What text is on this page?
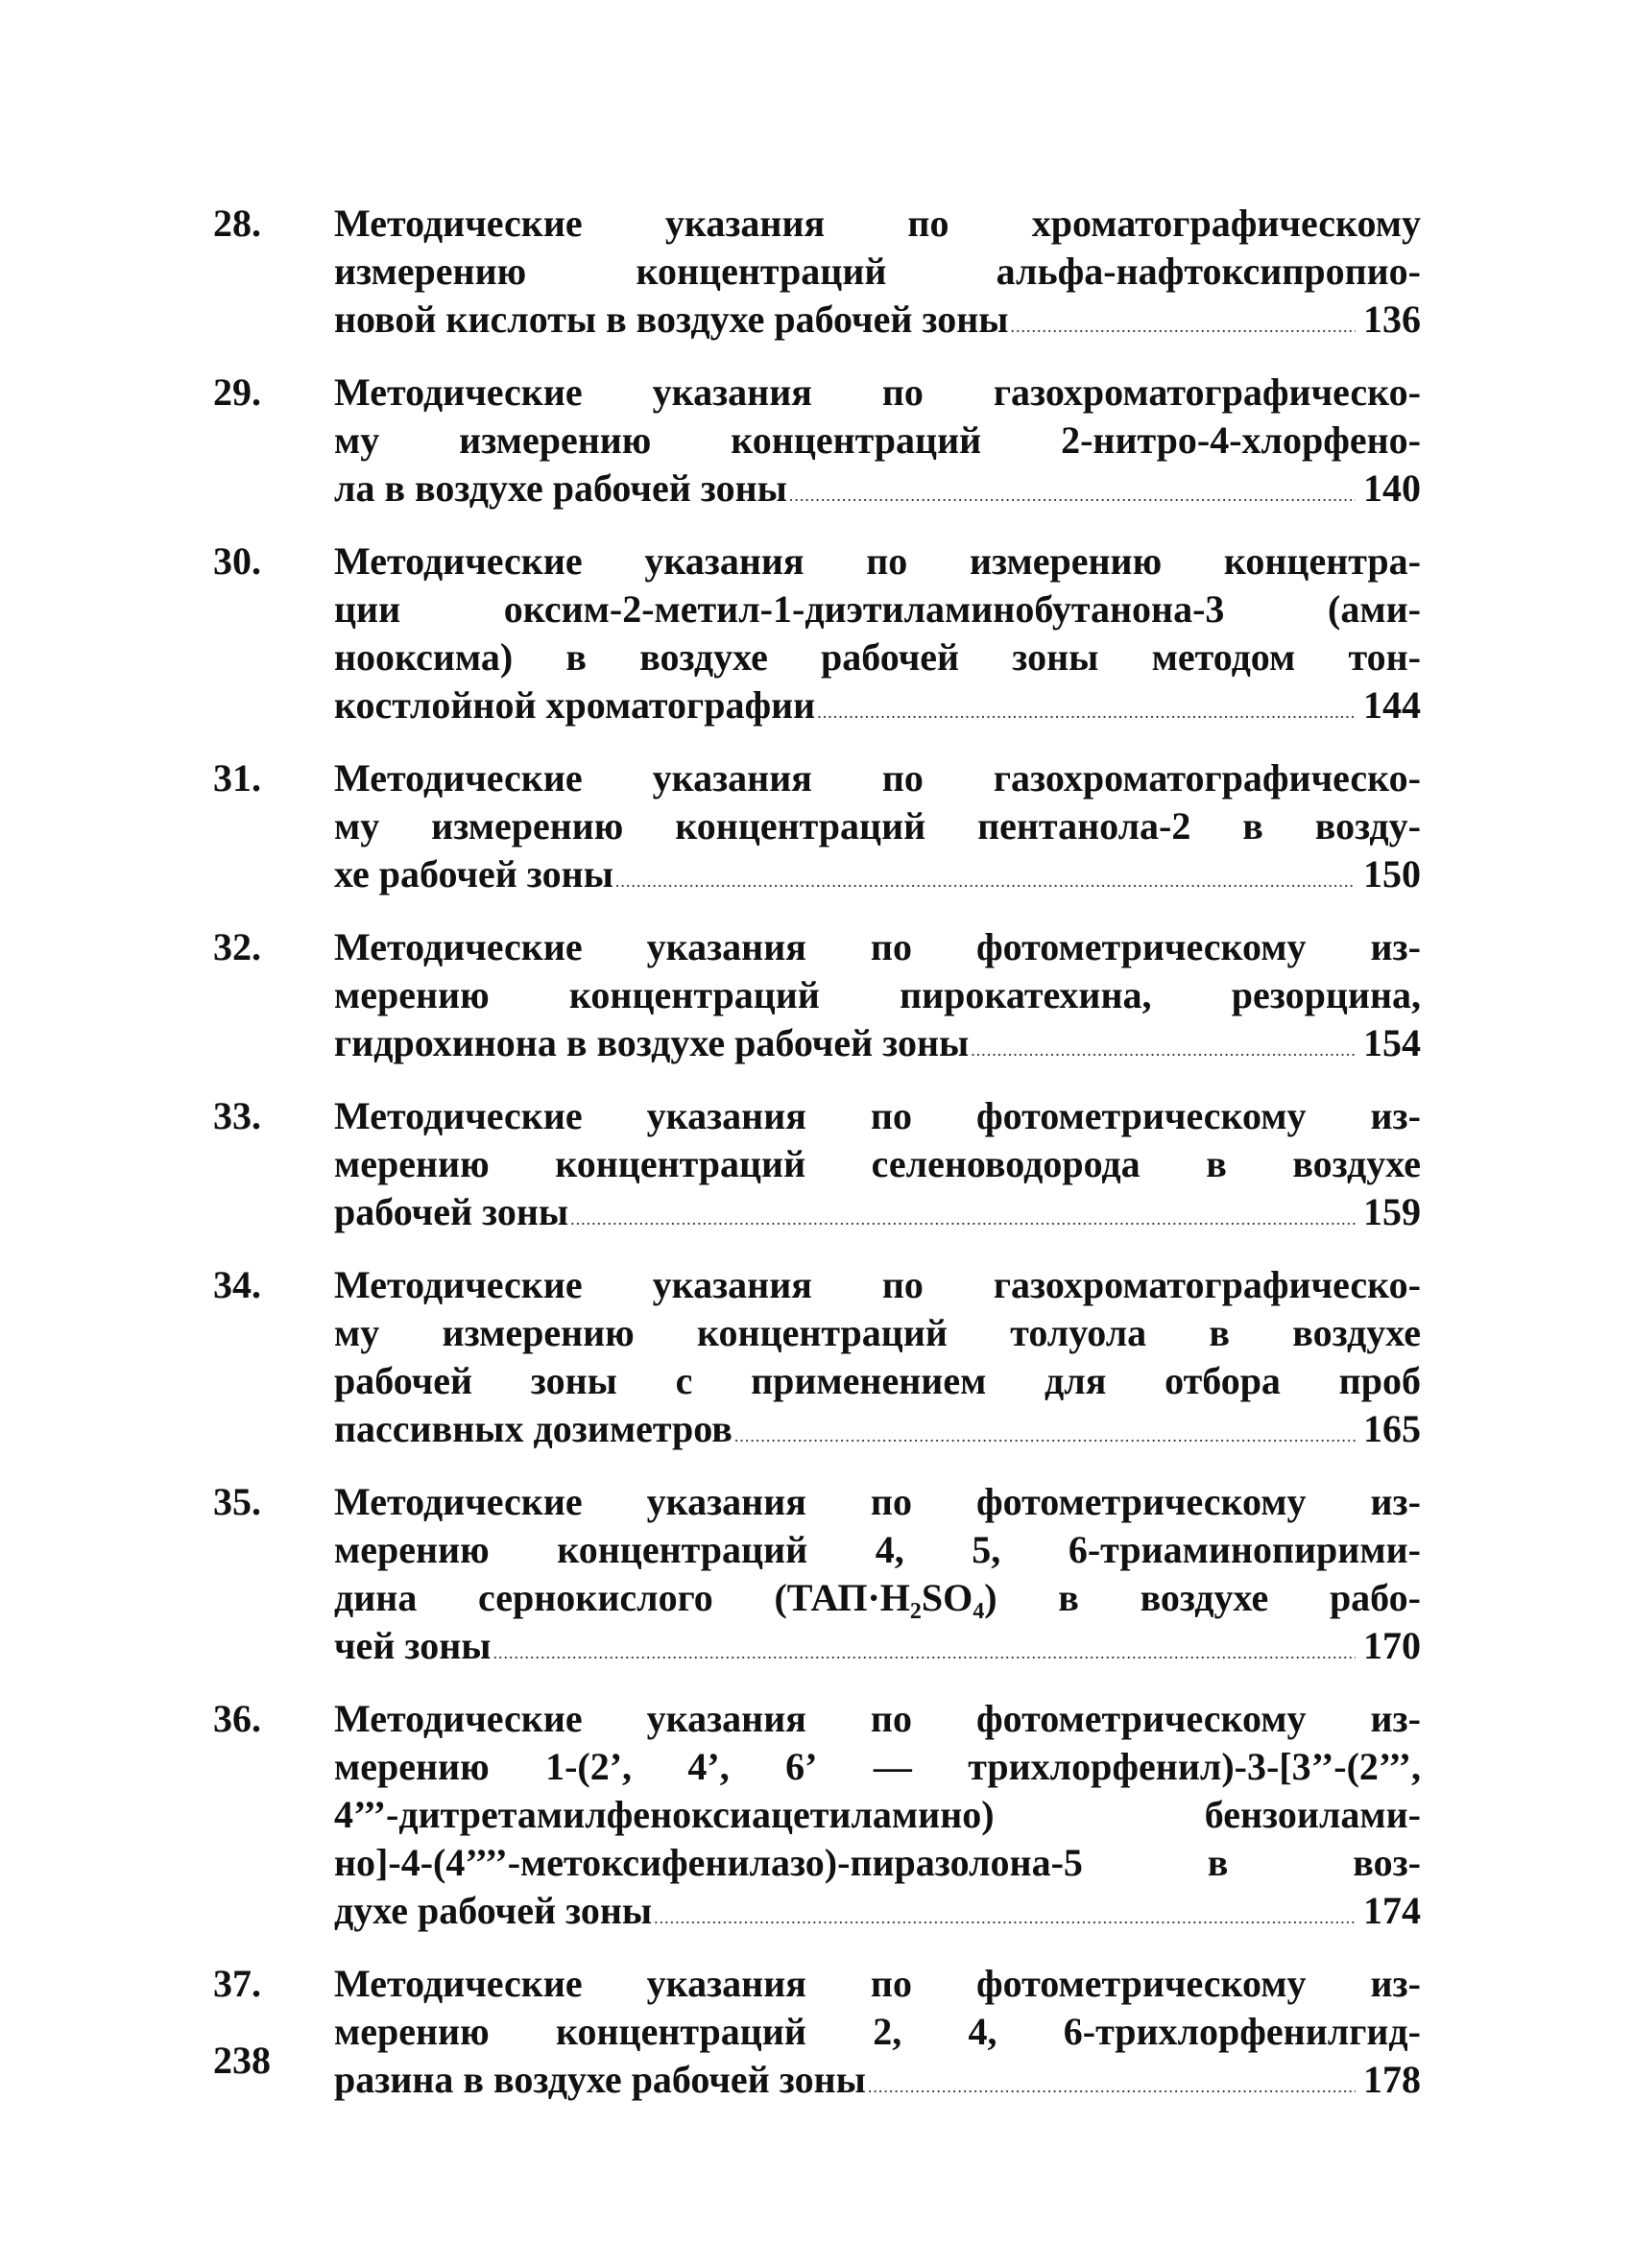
28.	Методические указания по хроматографическому
измерению	концентраций	альфа-нафтоксипропио-
новой кислоты в воздухе рабочей зоны .....	136
29.	Методические указания по газохроматографическо-
му измерению концентраций 2-нитро-4-хлорфено-
ла в воздухе рабочей зоны .....	140
30.	Методические указания по измерению концентра-
ции	оксим-2-метил-1-диэтиламинобутанона-3	(ами-
нооксима) в воздухе рабочей зоны методом тон-
костлойной хроматографии .....	144
31.	Методические указания по газохроматографическо-
му измерению концентраций пентанола-2 в возду-
хе рабочей зоны .....	150
32.	Методические указания по фотометрическому из-
мерению концентраций пирокатехина, резорцина,
гидрохинона в воздухе рабочей зоны .....	154
33.	Методические указания по фотометрическому из-
мерению концентраций селеноводорода в воздухе
рабочей зоны .....	159
34.	Методические указания по газохроматографическо-
му измерению концентраций толуола в воздухе
рабочей зоны с применением для отбора проб
пассивных дозиметров .....	165
35.	Методические указания по фотометрическому из-
мерению концентраций 4, 5, 6-триаминопирими-
дина сернокислого (ТАП·H₂SO₄) в воздухе рабо-
чей зоны .....	170
36.	Методические указания по фотометрическому из-
мерению 1-(2’, 4’, 6’ — трихлорфенил)-3-[3’’-(2’’’,
4’’’-дитретамилфеноксиацетиламино)	бензоилами-
но]-4-(4’’’’-метоксифенилазо)-пиразолона-5	в	воз-
духе рабочей зоны .....	174
37.	Методические указания по фотометрическому из-
мерению концентраций 2, 4, 6-трихлорфенилгид-
разина в воздухе рабочей зоны .....	178
238
